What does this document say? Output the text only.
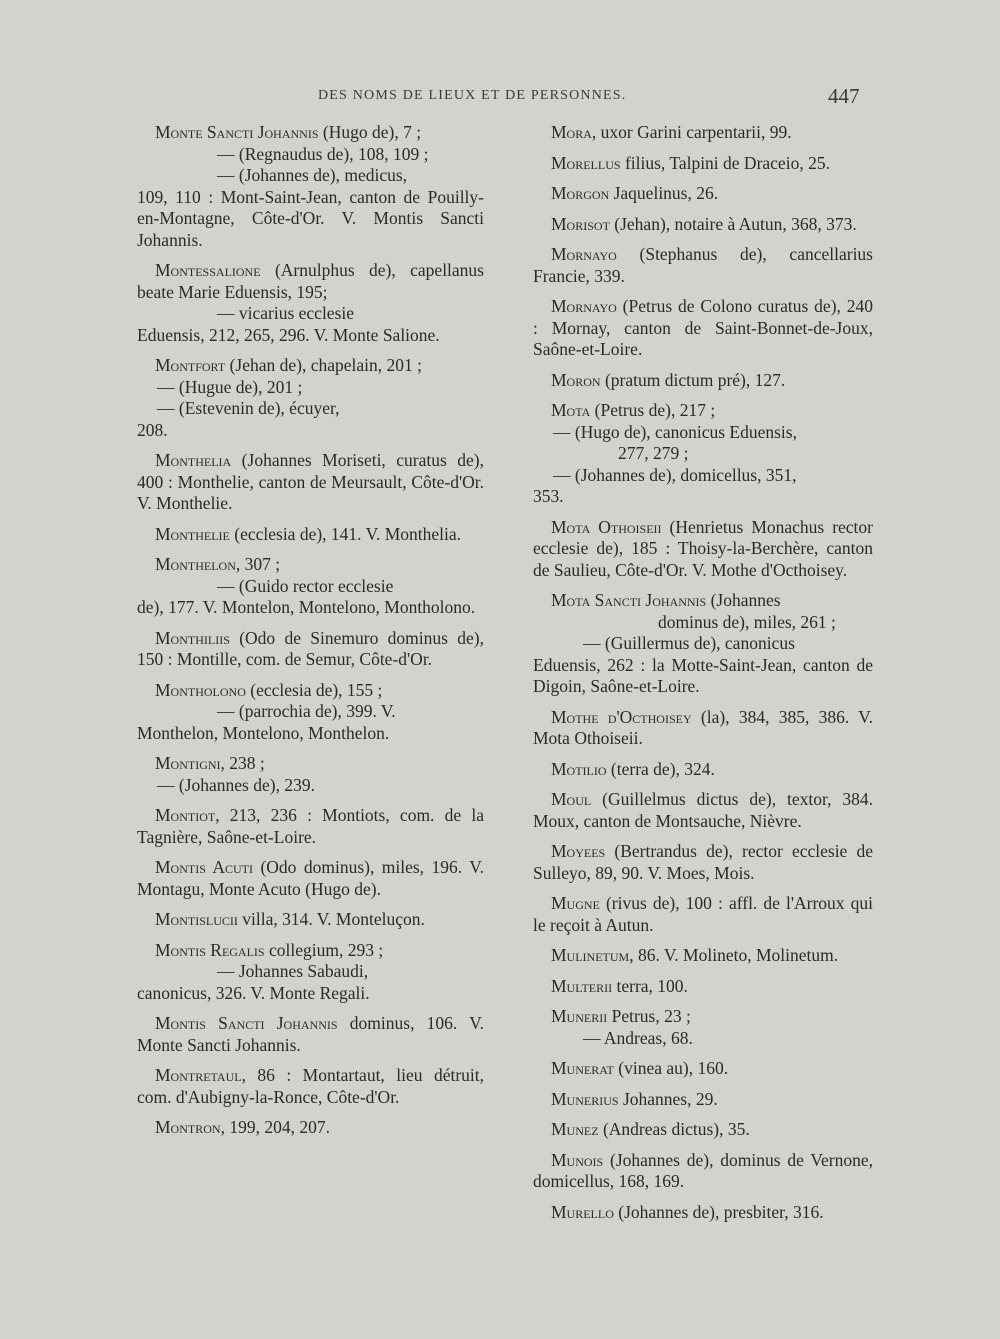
DES NOMS DE LIEUX ET DE PERSONNES.	447

Monte Sancti Johannis (Hugo de), 7 ;
— (Regnaudus de), 108, 109 ;
— (Johannes de), medicus,
109, 110 : Mont-Saint-Jean, canton de Pouilly-en-Montagne, Côte-d'Or. V. Montis Sancti Johannis.

Montessalione (Arnulphus de), capellanus beate Marie Eduensis, 195;
— vicarius ecclesie
Eduensis, 212, 265, 296. V. Monte Salione.

Montfort (Jehan de), chapelain, 201 ;
— (Hugue de), 201 ;
— (Estevenin de), écuyer,
208.

Monthelia (Johannes Moriseti, curatus de), 400 : Monthelie, canton de Meursault, Côte-d'Or. V. Monthelie.

Monthelie (ecclesia de), 141. V. Monthelia.

Monthelon, 307 ;
— (Guido rector ecclesie
de), 177. V. Montelon, Montelono, Montholono.

Monthiliis (Odo de Sinemuro dominus de), 150 : Montille, com. de Semur, Côte-d'Or.

Montholono (ecclesia de), 155 ;
— (parrochia de), 399. V.
Monthelon, Montelono, Monthelon.

Montigni, 238 ;
— (Johannes de), 239.

Montiot, 213, 236 : Montiots, com. de la Tagnière, Saône-et-Loire.

Montis Acuti (Odo dominus), miles, 196. V. Montagu, Monte Acuto (Hugo de).

Montislucii villa, 314. V. Monteluçon.

Montis Regalis collegium, 293 ;
— Johannes Sabaudi,
canonicus, 326. V. Monte Regali.

Montis Sancti Johannis dominus, 106. V. Monte Sancti Johannis.

Montretaul, 86 : Montartaut, lieu détruit, com. d'Aubigny-la-Ronce, Côte-d'Or.

Montron, 199, 204, 207.

Mora, uxor Garini carpentarii, 99.

Morellus filius, Talpini de Draceio, 25.

Morgon Jaquelinus, 26.

Morisot (Jehan), notaire à Autun, 368, 373.

Mornayo (Stephanus de), cancellarius Francie, 339.

Mornayo (Petrus de Colono curatus de), 240 : Mornay, canton de Saint-Bonnet-de-Joux, Saône-et-Loire.

Moron (pratum dictum pré), 127.

Mota (Petrus de), 217 ;
— (Hugo de), canonicus Eduensis,
277, 279 ;
— (Johannes de), domicellus, 351,
353.

Mota Othoiseii (Henrietus Monachus rector ecclesie de), 185 : Thoisy-la-Berchère, canton de Saulieu, Côte-d'Or. V. Mothe d'Octhoisey.

Mota Sancti Johannis (Johannes
dominus de), miles, 261 ;
— (Guillermus de), canonicus
Eduensis, 262 : la Motte-Saint-Jean, canton de Digoin, Saône-et-Loire.

Mothe d'Octhoisey (la), 384, 385, 386. V. Mota Othoiseii.

Motilio (terra de), 324.

Moul (Guillelmus dictus de), textor, 384. Moux, canton de Montsauche, Nièvre.

Moyees (Bertrandus de), rector ecclesie de Sulleyo, 89, 90. V. Moes, Mois.

Mugne (rivus de), 100 : affl. de l'Arroux qui le reçoit à Autun.

Mulinetum, 86. V. Molineto, Molinetum.

Multerii terra, 100.

Munerii Petrus, 23 ;
— Andreas, 68.

Munerat (vinea au), 160.

Munerius Johannes, 29.

Munez (Andreas dictus), 35.

Munois (Johannes de), dominus de Vernone, domicellus, 168, 169.

Murello (Johannes de), presbiter, 316.
